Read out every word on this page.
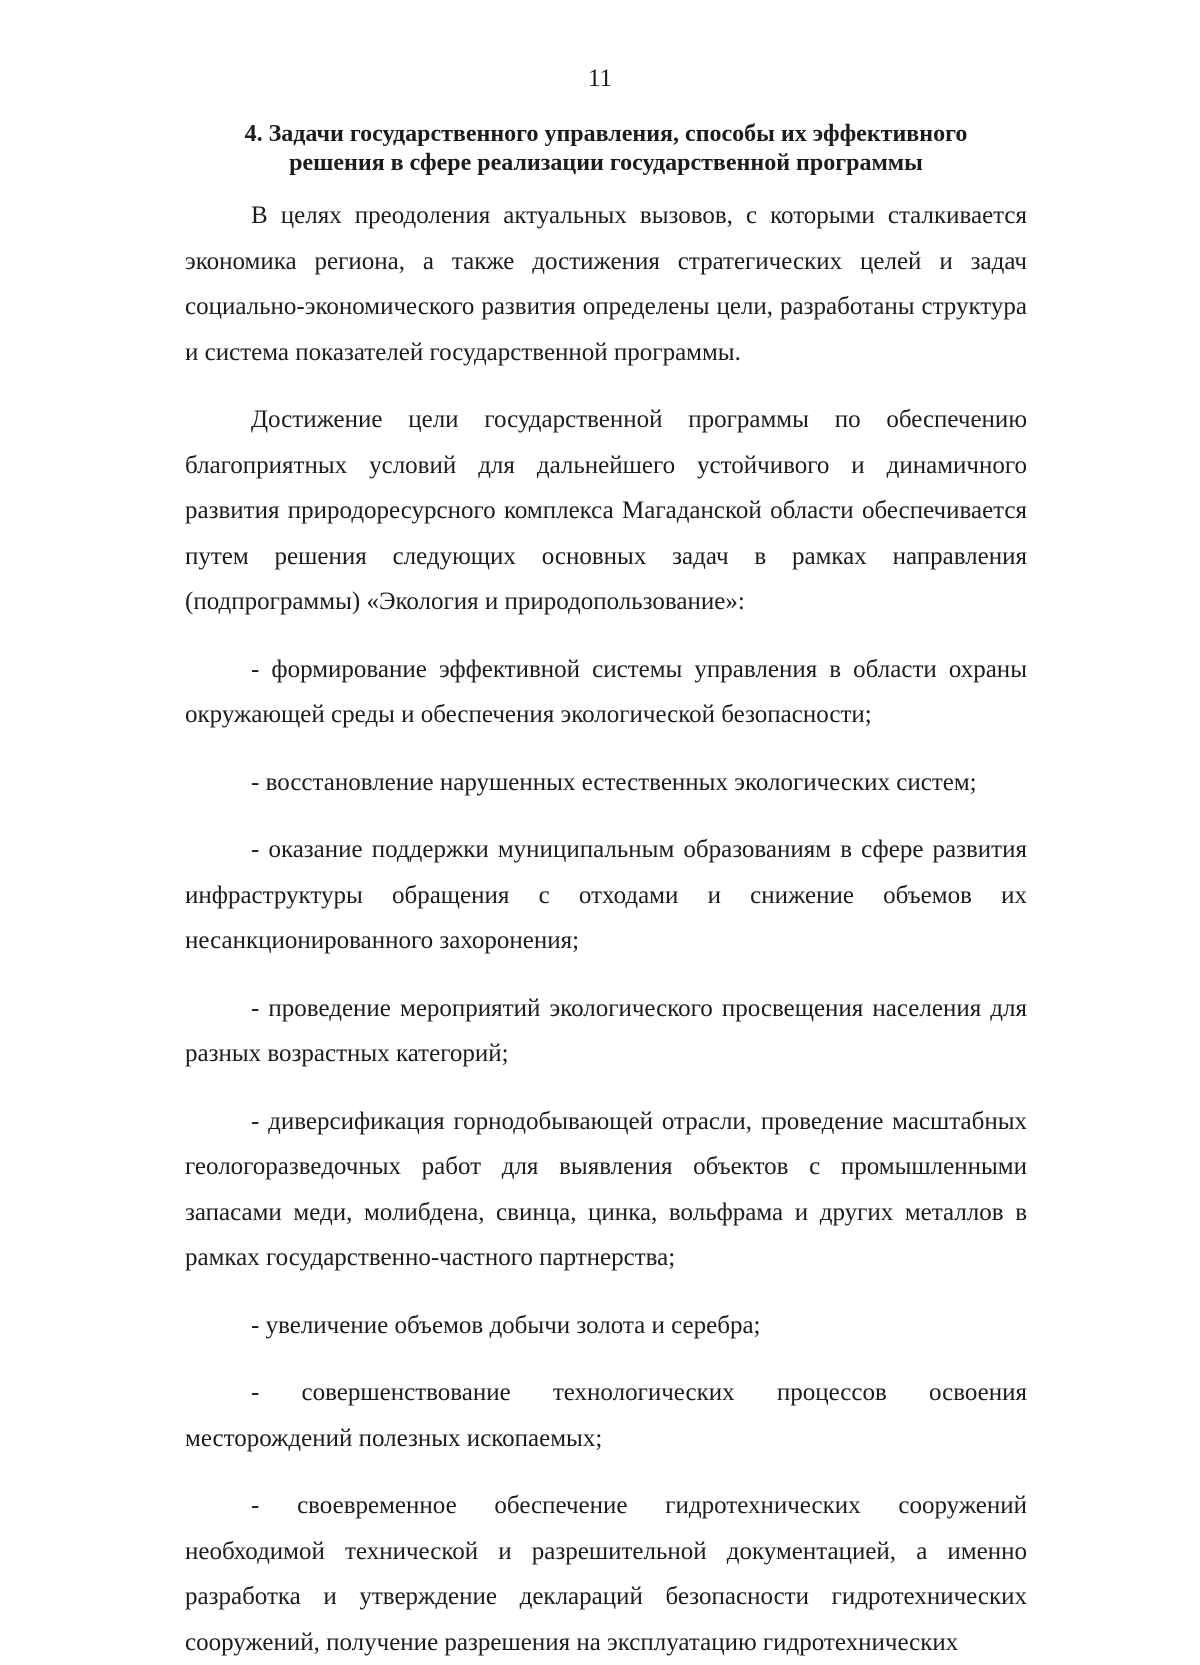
11
4. Задачи государственного управления, способы их эффективного
решения в сфере реализации государственной программы

В целях преодоления актуальных вызовов, с которыми сталкивается экономика региона, а также достижения стратегических целей и задач социально-экономического развития определены цели, разработаны структура и система показателей государственной программы.

Достижение цели государственной программы по обеспечению благоприятных условий для дальнейшего устойчивого и динамичного развития природоресурсного комплекса Магаданской области обеспечивается путем решения следующих основных задач в рамках направления (подпрограммы) «Экология и природопользование»:

- формирование эффективной системы управления в области охраны окружающей среды и обеспечения экологической безопасности;

- восстановление нарушенных естественных экологических систем;

- оказание поддержки муниципальным образованиям в сфере развития инфраструктуры обращения с отходами и снижение объемов их несанкционированного захоронения;

- проведение мероприятий экологического просвещения населения для разных возрастных категорий;

- диверсификация горнодобывающей отрасли, проведение масштабных геологоразведочных работ для выявления объектов с промышленными запасами меди, молибдена, свинца, цинка, вольфрама и других металлов в рамках государственно-частного партнерства;

- увеличение объемов добычи золота и серебра;

- совершенствование технологических процессов освоения месторождений полезных ископаемых;

- своевременное обеспечение гидротехнических сооружений необходимой технической и разрешительной документацией, а именно разработка и утверждение деклараций безопасности гидротехнических сооружений, получение разрешения на эксплуатацию гидротехнических
